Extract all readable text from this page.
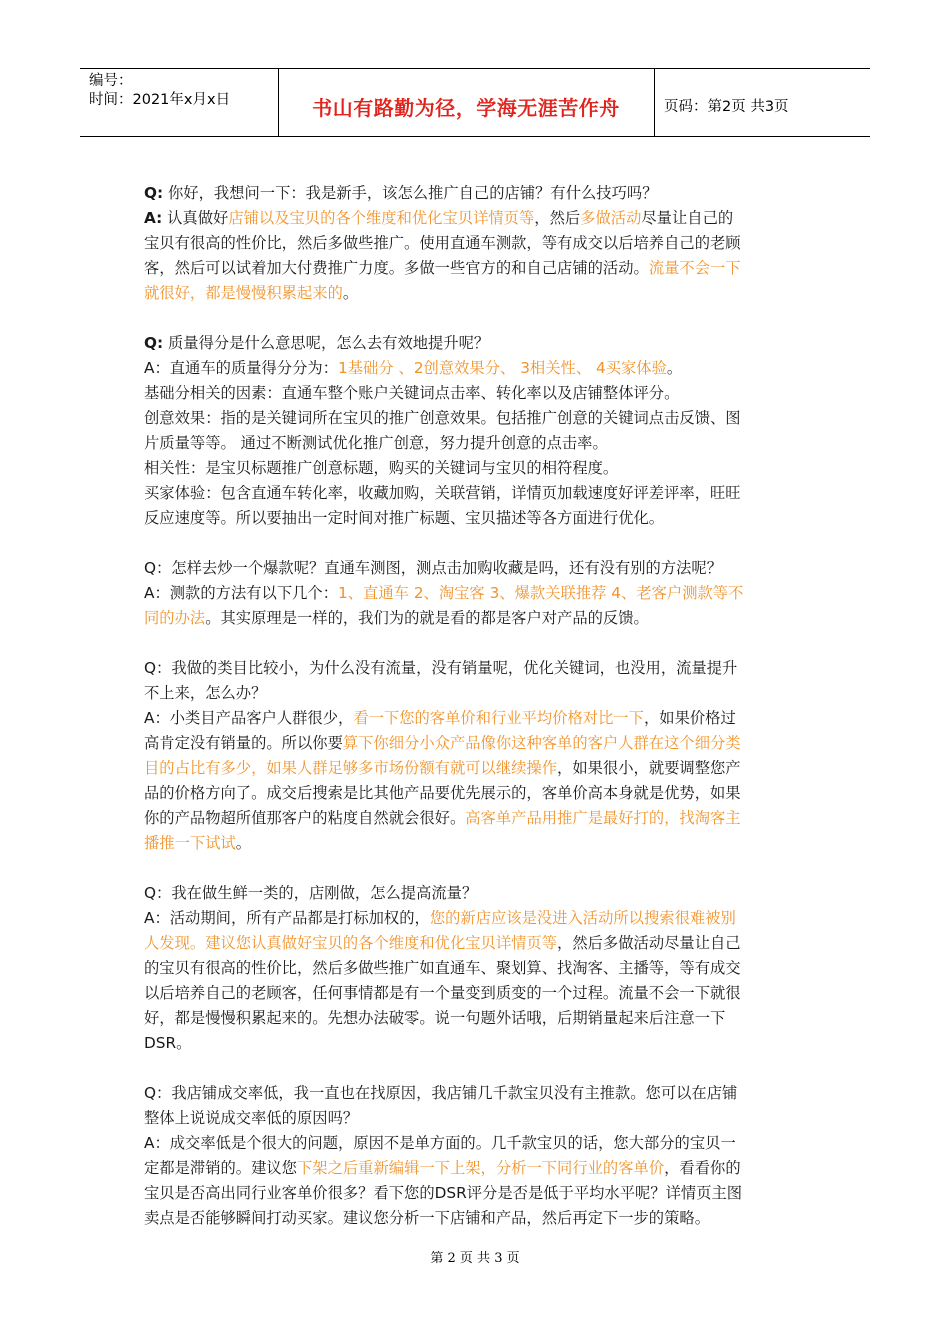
编号：
时间：2021年x月x日	书山有路勤为径，学海无涯苦作舟	页码：第2页 共3页
Q: 你好，我想问一下：我是新手，该怎么推广自己的店铺？有什么技巧吗？
A: 认真做好店铺以及宝贝的各个维度和优化宝贝详情页等，然后多做活动尽量让自己的
宝贝有很高的性价比，然后多做些推广。使用直通车测款，等有成交以后培养自己的老顾
客，然后可以试着加大付费推广力度。多做一些官方的和自己店铺的活动。流量不会一下
就很好，都是慢慢积累起来的。
Q: 质量得分是什么意思呢，怎么去有效地提升呢？
A：直通车的质量得分分为：1基础分 、2创意效果分、 3相关性、 4买家体验。
基础分相关的因素：直通车整个账户关键词点击率、转化率以及店铺整体评分。
创意效果：指的是关键词所在宝贝的推广创意效果。包括推广创意的关键词点击反馈、图
片质量等等。 通过不断测试优化推广创意，努力提升创意的点击率。
相关性：是宝贝标题推广创意标题，购买的关键词与宝贝的相符程度。
买家体验：包含直通车转化率，收藏加购，关联营销，详情页加载速度好评差评率，旺旺
反应速度等。所以要抽出一定时间对推广标题、宝贝描述等各方面进行优化。
Q：怎样去炒一个爆款呢？直通车测图，测点击加购收藏是吗，还有没有别的方法呢？
A：测款的方法有以下几个：1、直通车 2、淘宝客 3、爆款关联推荐 4、老客户测款等不
同的办法。其实原理是一样的，我们为的就是看的都是客户对产品的反馈。
Q：我做的类目比较小，为什么没有流量，没有销量呢，优化关键词，也没用，流量提升
不上来，怎么办？
A：小类目产品客户人群很少，看一下您的客单价和行业平均价格对比一下，如果价格过
高肯定没有销量的。所以你要算下你细分小众产品像你这种客单的客户人群在这个细分类
目的占比有多少，如果人群足够多市场份额有就可以继续操作，如果很小，就要调整您产
品的价格方向了。成交后搜索是比其他产品要优先展示的，客单价高本身就是优势，如果
你的产品物超所值那客户的粘度自然就会很好。高客单产品用推广是最好打的，找淘客主
播推一下试试。
Q：我在做生鲜一类的，店刚做，怎么提高流量？
A：活动期间，所有产品都是打标加权的，您的新店应该是没进入活动所以搜索很难被别
人发现。建议您认真做好宝贝的各个维度和优化宝贝详情页等，然后多做活动尽量让自己
的宝贝有很高的性价比，然后多做些推广如直通车、聚划算、找淘客、主播等，等有成交
以后培养自己的老顾客，任何事情都是有一个量变到质变的一个过程。流量不会一下就很
好，都是慢慢积累起来的。先想办法破零。说一句题外话哦，后期销量起来后注意一下
DSR。
Q：我店铺成交率低，我一直也在找原因，我店铺几千款宝贝没有主推款。您可以在店铺
整体上说说成交率低的原因吗？
A：成交率低是个很大的问题，原因不是单方面的。几千款宝贝的话，您大部分的宝贝一
定都是滞销的。建议您下架之后重新编辑一下上架，分析一下同行业的客单价，看看你的
宝贝是否高出同行业客单价很多？看下您的DSR评分是否是低于平均水平呢？详情页主图
卖点是否能够瞬间打动买家。建议您分析一下店铺和产品，然后再定下一步的策略。
第 2 页 共 3 页
